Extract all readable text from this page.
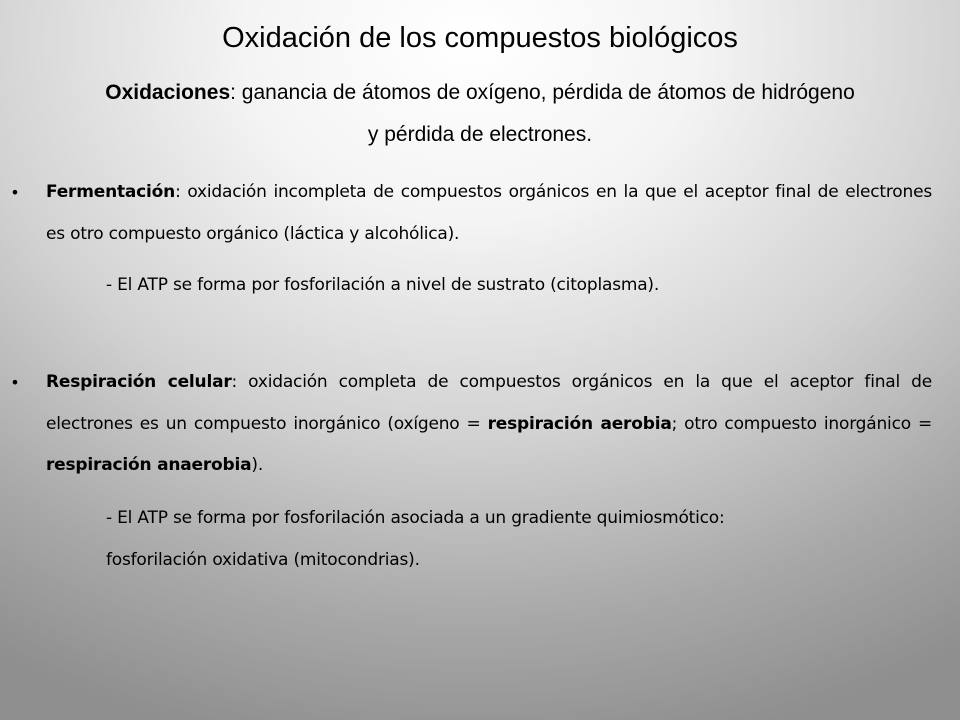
Oxidación de los compuestos biológicos
Oxidaciones: ganancia de átomos de oxígeno, pérdida de átomos de hidrógeno y pérdida de electrones.
• Fermentación: oxidación incompleta de compuestos orgánicos en la que el aceptor final de electrones es otro compuesto orgánico (láctica y alcohólica).
- El ATP se forma por fosforilación a nivel de sustrato (citoplasma).
• Respiración celular: oxidación completa de compuestos orgánicos en la que el aceptor final de electrones es un compuesto inorgánico (oxígeno = respiración aerobia; otro compuesto inorgánico = respiración anaerobia).
- El ATP se forma por fosforilación asociada a un gradiente quimiosmótico:
fosforilación oxidativa (mitocondrias).
